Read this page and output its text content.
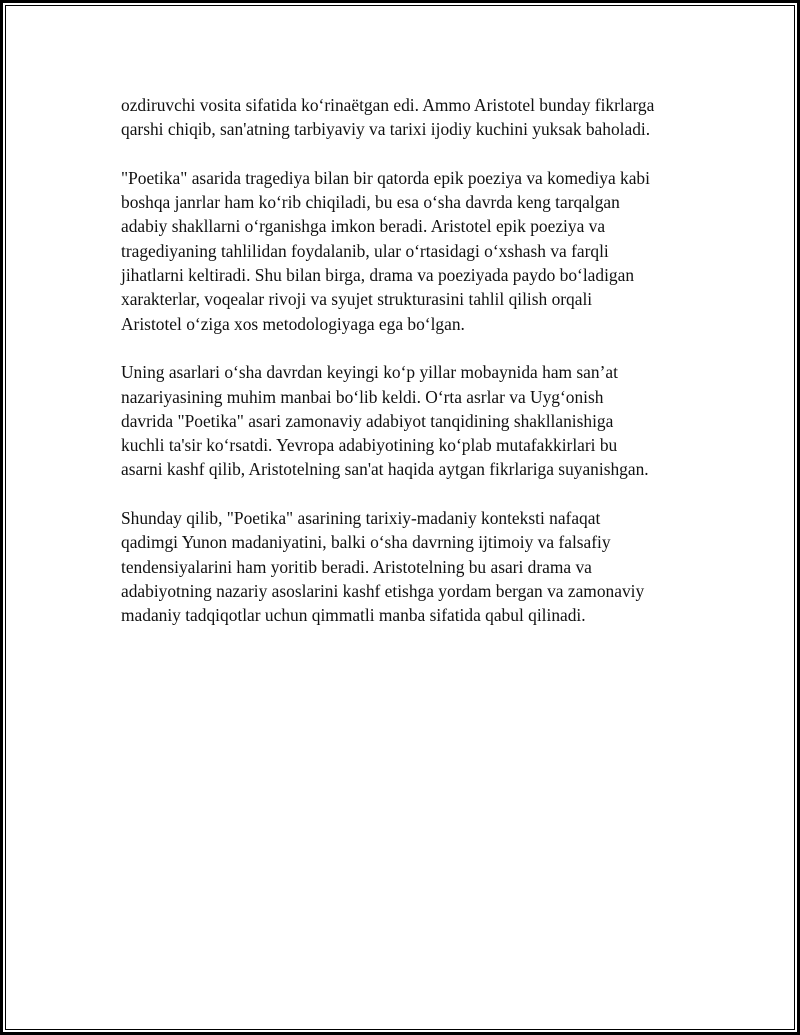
ozdiruvchi vosita sifatida ko‘rinaëtgan edi. Ammo Aristotel bunday fikrlarga
qarshi chiqib, san'atning tarbiyaviy va tarixi ijodiy kuchini yuksak baholadi.

"Poetika" asarida tragediya bilan bir qatorda epik poeziya va komediya kabi
boshqa janrlar ham ko‘rib chiqiladi, bu esa o‘sha davrda keng tarqalgan
adabiy shakllarni o‘rganishga imkon beradi. Aristotel epik poeziya va
tragediyaning tahlilidan foydalanib, ular o‘rtasidagi o‘xshash va farqli
jihatlarni keltiradi. Shu bilan birga, drama va poeziyada paydo bo‘ladigan
xarakterlar, voqealar rivoji va syujet strukturasini tahlil qilish orqali
Aristotel o‘ziga xos metodologiyaga ega bo‘lgan.

Uning asarlari o‘sha davrdan keyingi ko‘p yillar mobaynida ham san’at
nazariyasining muhim manbai bo‘lib keldi. O‘rta asrlar va Uyg‘onish
davrida "Poetika" asari zamonaviy adabiyot tanqidining shakllanishiga
kuchli ta'sir ko‘rsatdi. Yevropa adabiyotining ko‘plab mutafakkirlari bu
asarni kashf qilib, Aristotelning san'at haqida aytgan fikrlariga suyanishgan.

Shunday qilib, "Poetika" asarining tarixiy-madaniy konteksti nafaqat
qadimgi Yunon madaniyatini, balki o‘sha davrning ijtimoiy va falsafiy
tendensiyalarini ham yoritib beradi. Aristotelning bu asari drama va
adabiyotning nazariy asoslarini kashf etishga yordam bergan va zamonaviy
madaniy tadqiqotlar uchun qimmatli manba sifatida qabul qilinadi.
